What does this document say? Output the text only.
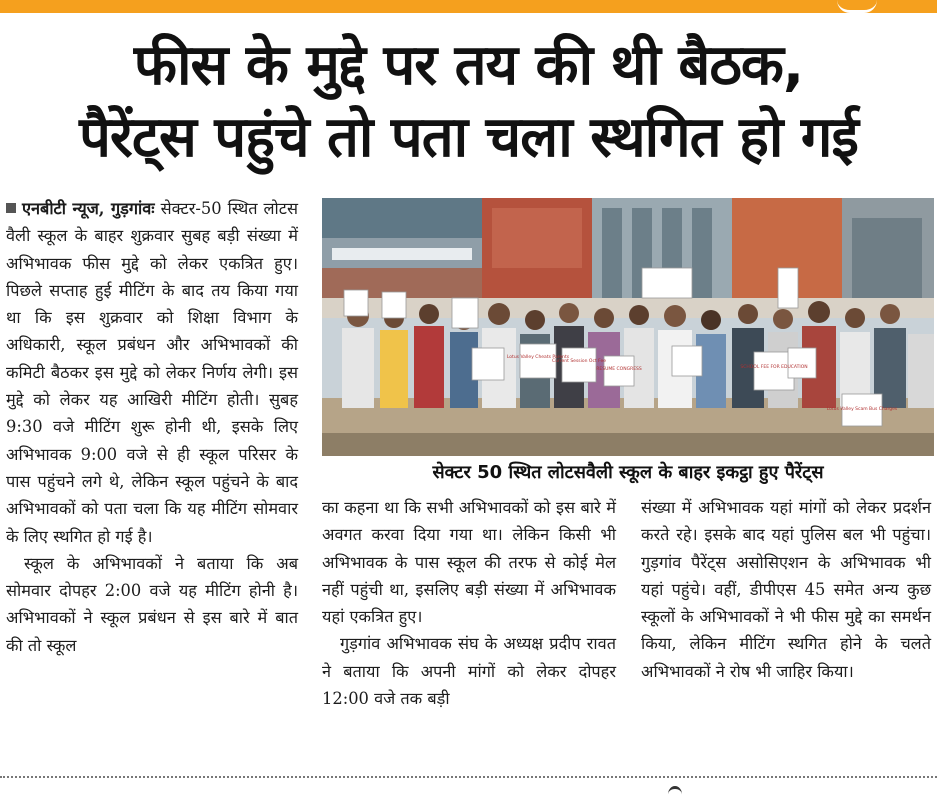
फीस के मुद्दे पर तय की थी बैठक,
पैरेंट्स पहुंचे तो पता चला स्थगित हो गई

एनबीटी न्यूज, गुड़गांवः सेक्टर-50 स्थित लोटस वैली स्कूल के बाहर शुक्रवार सुबह बड़ी संख्या में अभिभावक फीस मुद्दे को लेकर एकत्रित हुए। पिछले सप्ताह हुई मीटिंग के बाद तय किया गया था कि इस शुक्रवार को शिक्षा विभाग के अधिकारी, स्कूल प्रबंधन और अभिभावकों की कमिटी बैठकर इस मुद्दे को लेकर निर्णय लेगी। इस मुद्दे को लेकर यह आखिरी मीटिंग होती। सुबह 9:30 वजे मीटिंग शुरू होनी थी, इसके लिए अभिभावक 9:00 वजे से ही स्कूल परिसर के पास पहुंचने लगे थे, लेकिन स्कूल पहुंचने के बाद अभिभावकों को पता चला कि यह मीटिंग सोमवार के लिए स्थगित हो गई है।

स्कूल के अभिभावकों ने बताया कि अब सोमवार दोपहर 2:00 वजे यह मीटिंग होनी है। अभिभावकों ने स्कूल प्रबंधन से इस बारे में बात की तो स्कूल

Lotus Valley Cheats Parents
Current Session Oct Fee
RESUME CONGRESS	SCHOOL FEE FOR EDUCATION
Lotus Valley Scam Bus Charges
सेक्टर 50 स्थित लोटसवैली स्कूल के बाहर इकट्ठा हुए पैरेंट्स

का कहना था कि सभी अभिभावकों को इस बारे में अवगत करवा दिया गया था। लेकिन किसी भी अभिभावक के पास स्कूल की तरफ से कोई मेल नहीं पहुंची था, इसलिए बड़ी संख्या में अभिभावक यहां एकत्रित हुए।

गुड़गांव अभिभावक संघ के अध्यक्ष प्रदीप रावत ने बताया कि अपनी मांगों को लेकर दोपहर 12:00 वजे तक बड़ी

संख्या में अभिभावक यहां मांगों को लेकर प्रदर्शन करते रहे। इसके बाद यहां पुलिस बल भी पहुंचा। गुड़गांव पैरेंट्स असोसिएशन के अभिभावक भी यहां पहुंचे। वहीं, डीपीएस 45 समेत अन्य कुछ स्कूलों के अभिभावकों ने भी फीस मुद्दे का समर्थन किया, लेकिन मीटिंग स्थगित होने के चलते अभिभावकों ने रोष भी जाहिर किया।
